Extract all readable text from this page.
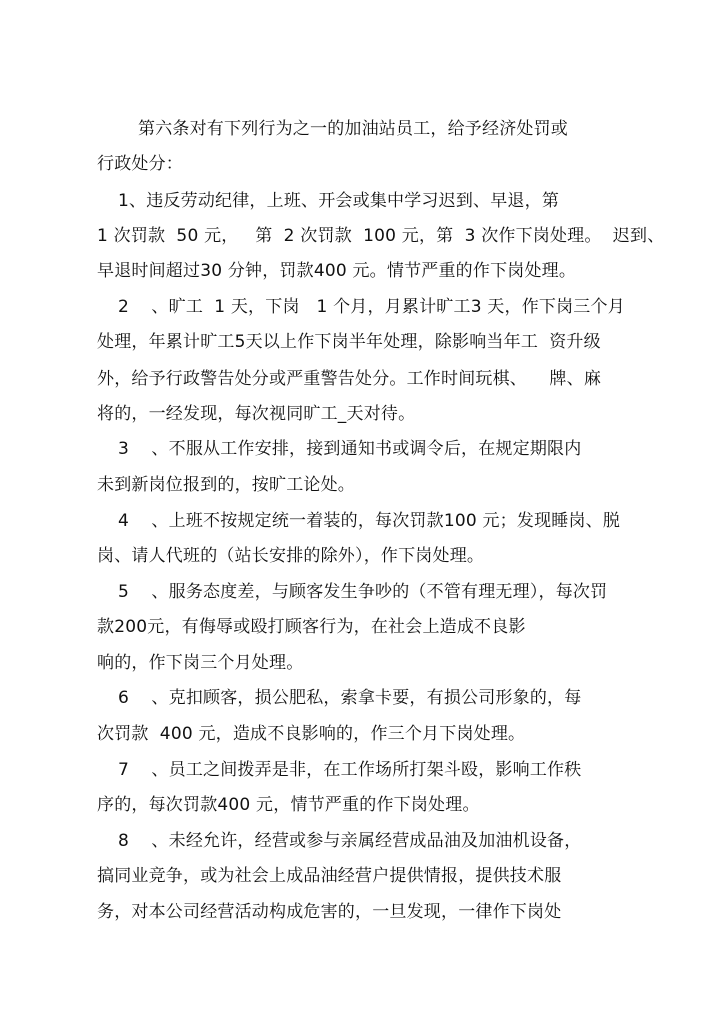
第六条对有下列行为之一的加油站员工，给予经济处罚或
行政处分：
1、违反劳动纪律，上班、开会或集中学习迟到、早退，第
1 次罚款  50 元，   第  2 次罚款  100 元，第  3 次作下岗处理。  迟到、
早退时间超过30 分钟，罚款400 元。情节严重的作下岗处理。
2    、旷工  1 天，下岗   1 个月，月累计旷工3 天，作下岗三个月
处理，年累计旷工5天以上作下岗半年处理，除影响当年工  资升级
外，给予行政警告处分或严重警告处分。工作时间玩棋、    牌、麻
将的，一经发现，每次视同旷工_天对待。
3    、不服从工作安排，接到通知书或调令后，在规定期限内
未到新岗位报到的，按旷工论处。
4    、上班不按规定统一着装的，每次罚款100 元；发现睡岗、脱
岗、请人代班的（站长安排的除外），作下岗处理。
5    、服务态度差，与顾客发生争吵的（不管有理无理），每次罚
款200元，有侮辱或殴打顾客行为，在社会上造成不良影
响的，作下岗三个月处理。
6    、克扣顾客，损公肥私，索拿卡要，有损公司形象的，每
次罚款  400 元，造成不良影响的，作三个月下岗处理。
7    、员工之间拨弄是非，在工作场所打架斗殴，影响工作秩
序的，每次罚款400 元，情节严重的作下岗处理。
8    、未经允许，经营或参与亲属经营成品油及加油机设备，
搞同业竞争，或为社会上成品油经营户提供情报，提供技术服
务，对本公司经营活动构成危害的，一旦发现，一律作下岗处
